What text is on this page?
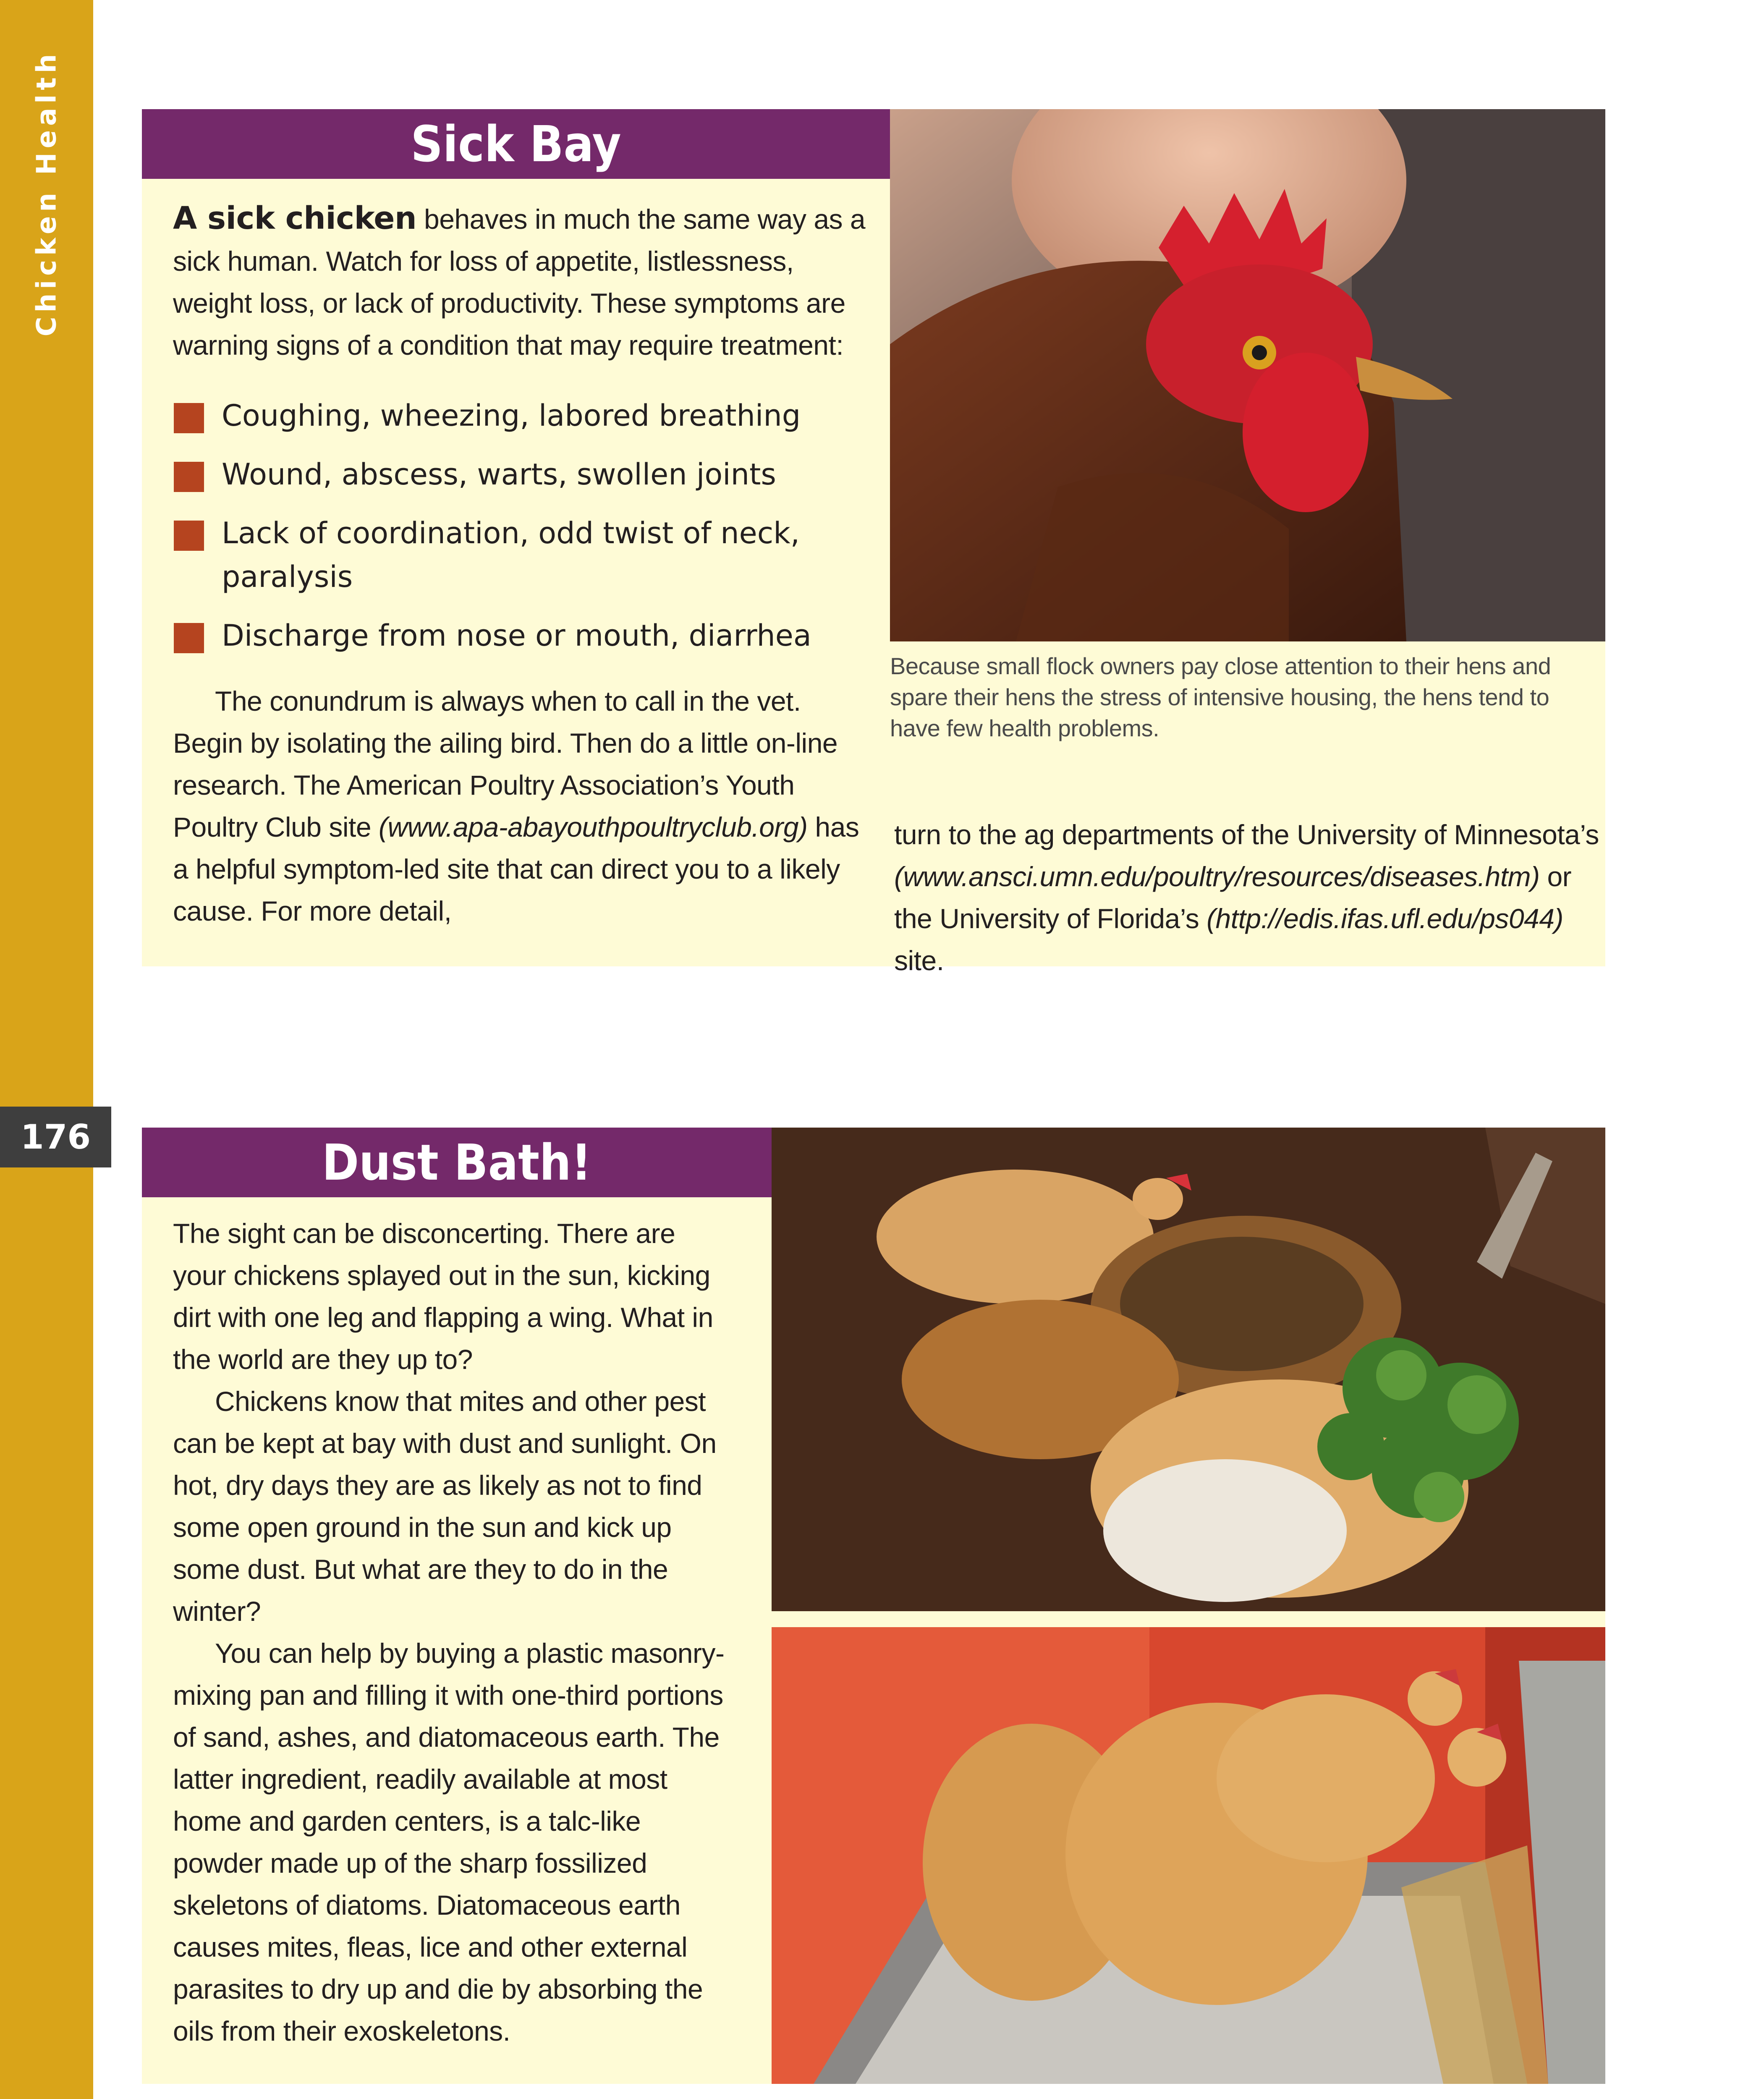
Chicken Health
176
Sick Bay

A sick chicken behaves in much the same way as a sick human. Watch for loss of appetite, listlessness, weight loss, or lack of productivity. These symptoms are warning signs of a condition that may require treatment:

Coughing, wheezing, labored breathing
Wound, abscess, warts, swollen joints
Lack of coordination, odd twist of neck, paralysis
Discharge from nose or mouth, diarrhea

The conundrum is always when to call in the vet. Begin by isolating the ailing bird. Then do a little on-line research. The American Poultry Association’s Youth Poultry Club site (www.apa-abayouthpoultryclub.org) has a helpful symptom-led site that can direct you to a likely cause. For more detail,

Because small flock owners pay close attention to their hens and spare their hens the stress of intensive housing, the hens tend to have few health problems.

turn to the ag departments of the University of Minnesota’s (www.ansci.umn.edu/poultry/resources/diseases.htm) or the University of Florida’s (http://edis.ifas.ufl.edu/ps044) site.

Dust Bath!

The sight can be disconcerting. There are your chickens splayed out in the sun, kicking dirt with one leg and flapping a wing. What in the world are they up to?

Chickens know that mites and other pest can be kept at bay with dust and sunlight. On hot, dry days they are as likely as not to find some open ground in the sun and kick up some dust. But what are they to do in the winter?

You can help by buying a plastic masonry-mixing pan and filling it with one-third portions of sand, ashes, and diatomaceous earth. The latter ingredient, readily available at most home and garden centers, is a talc-like powder made up of the sharp fossilized skeletons of diatoms. Diatomaceous earth causes mites, fleas, lice and other external parasites to dry up and die by absorbing the oils from their exoskeletons.
